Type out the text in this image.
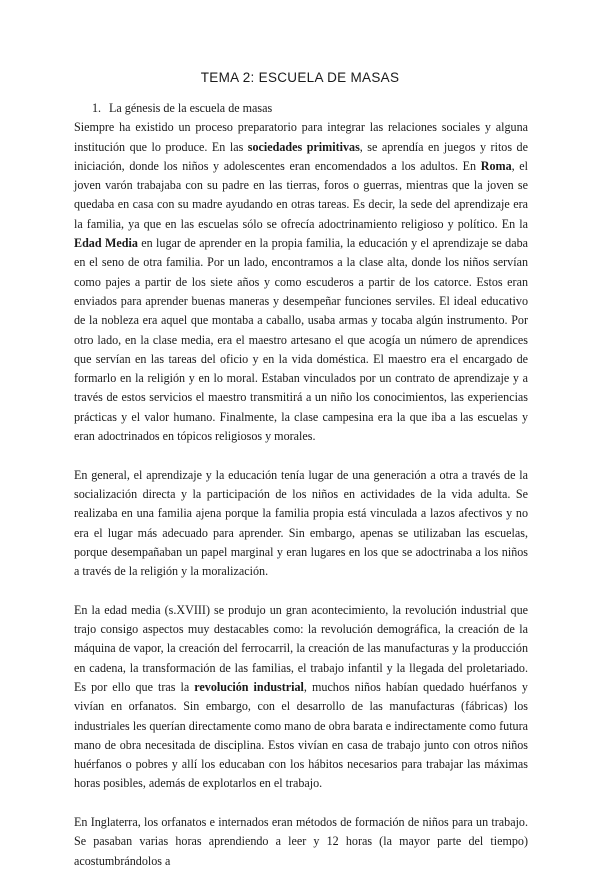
TEMA 2: ESCUELA DE MASAS
1. La génesis de la escuela de masas

Siempre ha existido un proceso preparatorio para integrar las relaciones sociales y alguna institución que lo produce. En las sociedades primitivas, se aprendía en juegos y ritos de iniciación, donde los niños y adolescentes eran encomendados a los adultos. En Roma, el joven varón trabajaba con su padre en las tierras, foros o guerras, mientras que la joven se quedaba en casa con su madre ayudando en otras tareas. Es decir, la sede del aprendizaje era la familia, ya que en las escuelas sólo se ofrecía adoctrinamiento religioso y político. En la Edad Media en lugar de aprender en la propia familia, la educación y el aprendizaje se daba en el seno de otra familia. Por un lado, encontramos a la clase alta, donde los niños servían como pajes a partir de los siete años y como escuderos a partir de los catorce. Estos eran enviados para aprender buenas maneras y desempeñar funciones serviles. El ideal educativo de la nobleza era aquel que montaba a caballo, usaba armas y tocaba algún instrumento. Por otro lado, en la clase media, era el maestro artesano el que acogía un número de aprendices que servían en las tareas del oficio y en la vida doméstica. El maestro era el encargado de formarlo en la religión y en lo moral. Estaban vinculados por un contrato de aprendizaje y a través de estos servicios el maestro transmitirá a un niño los conocimientos, las experiencias prácticas y el valor humano. Finalmente, la clase campesina era la que iba a las escuelas y eran adoctrinados en tópicos religiosos y morales.

En general, el aprendizaje y la educación tenía lugar de una generación a otra a través de la socialización directa y la participación de los niños en actividades de la vida adulta. Se realizaba en una familia ajena porque la familia propia está vinculada a lazos afectivos y no era el lugar más adecuado para aprender. Sin embargo, apenas se utilizaban las escuelas, porque desempañaban un papel marginal y eran lugares en los que se adoctrinaba a los niños a través de la religión y la moralización.

En la edad media (s.XVIII) se produjo un gran acontecimiento, la revolución industrial que trajo consigo aspectos muy destacables como: la revolución demográfica, la creación de la máquina de vapor, la creación del ferrocarril, la creación de las manufacturas y la producción en cadena, la transformación de las familias, el trabajo infantil y la llegada del proletariado. Es por ello que tras la revolución industrial, muchos niños habían quedado huérfanos y vivían en orfanatos. Sin embargo, con el desarrollo de las manufacturas (fábricas) los industriales les querían directamente como mano de obra barata e indirectamente como futura mano de obra necesitada de disciplina. Estos vivían en casa de trabajo junto con otros niños huérfanos o pobres y allí los educaban con los hábitos necesarios para trabajar las máximas horas posibles, además de explotarlos en el trabajo.

En Inglaterra, los orfanatos e internados eran métodos de formación de niños para un trabajo. Se pasaban varias horas aprendiendo a leer y 12 horas (la mayor parte del tiempo) acostumbrándolos a
